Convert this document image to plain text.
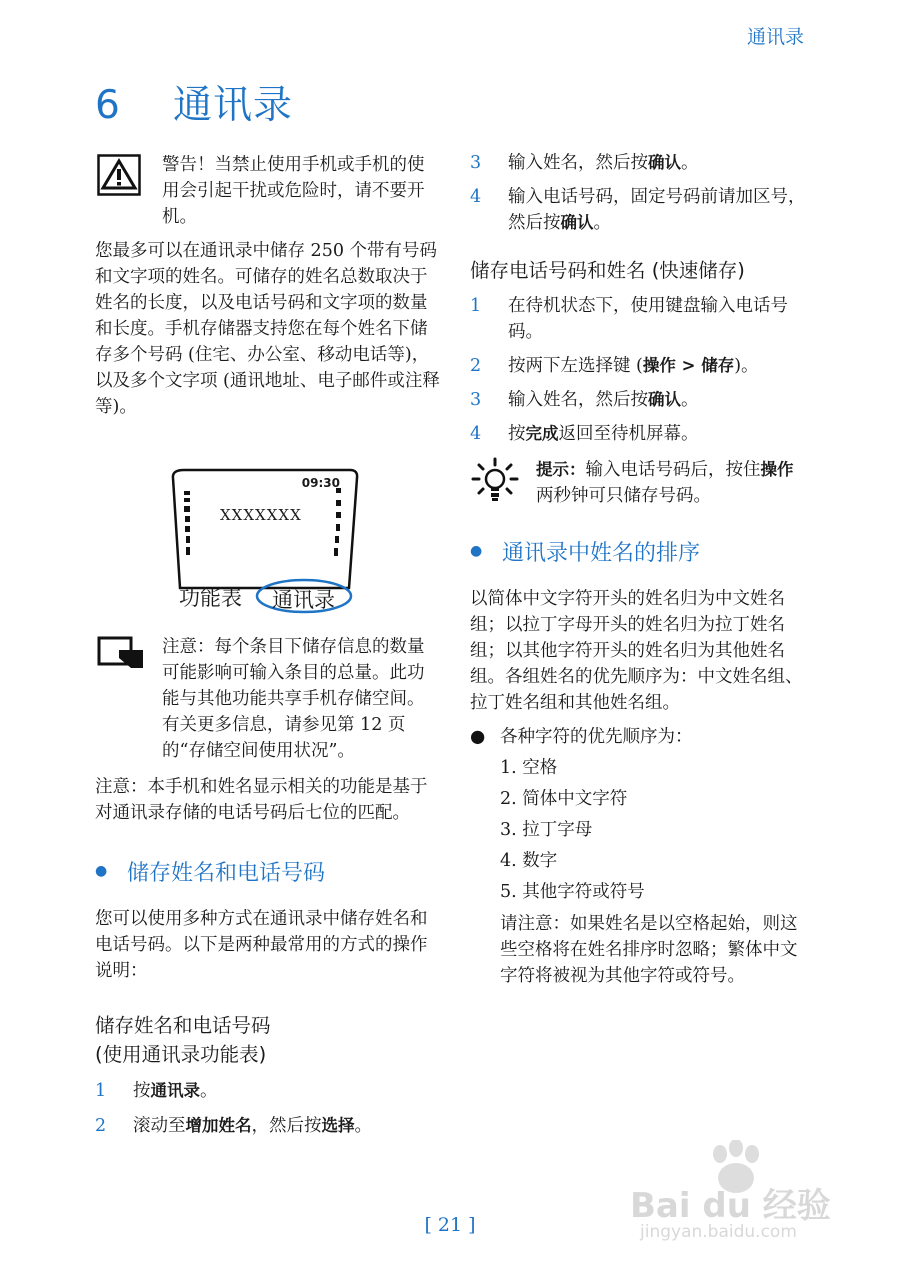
通讯录
6 通讯录

警告！当禁止使用手机或手机的使用会引起干扰或危险时，请不要开机。

您最多可以在通讯录中储存 250 个带有号码和文字项的姓名。可储存的姓名总数取决于姓名的长度，以及电话号码和文字项的数量和长度。手机存储器支持您在每个姓名下储存多个号码 (住宅、办公室、移动电话等)，以及多个文字项 (通讯地址、电子邮件或注释等)。

注意：每个条目下储存信息的数量可能影响可输入条目的总量。此功能与其他功能共享手机存储空间。有关更多信息，请参见第 12 页的“存储空间使用状况”。

注意：本手机和姓名显示相关的功能是基于对通讯录存储的电话号码后七位的匹配。

● 储存姓名和电话号码

您可以使用多种方式在通讯录中储存姓名和电话号码。以下是两种最常用的方式的操作说明：

储存姓名和电话号码
(使用通讯录功能表)
1 按通讯录。
2 滚动至增加姓名，然后按选择。
09:30
XXXXXXX
功能表 通讯录
3 输入姓名，然后按确认。
4 输入电话号码，固定号码前请加区号，然后按确认。
储存电话号码和姓名 (快速储存)
1 在待机状态下，使用键盘输入电话号码。
2 按两下左选择键 (操作 > 储存)。
3 输入姓名，然后按确认。
4 按完成返回至待机屏幕。

提示：输入电话号码后，按住操作两秒钟可只储存号码。

● 通讯录中姓名的排序

以简体中文字符开头的姓名归为中文姓名组；以拉丁字母开头的姓名归为拉丁姓名组；以其他字符开头的姓名归为其他姓名组。各组姓名的优先顺序为：中文姓名组、拉丁姓名组和其他姓名组。

● 各种字符的优先顺序为：
1. 空格
2. 简体中文字符
3. 拉丁字母
4. 数字
5. 其他字符或符号

请注意：如果姓名是以空格起始，则这些空格将在姓名排序时忽略；繁体中文字符将被视为其他字符或符号。

[ 21 ]	Bai du 经验
jingyan.baidu.com
